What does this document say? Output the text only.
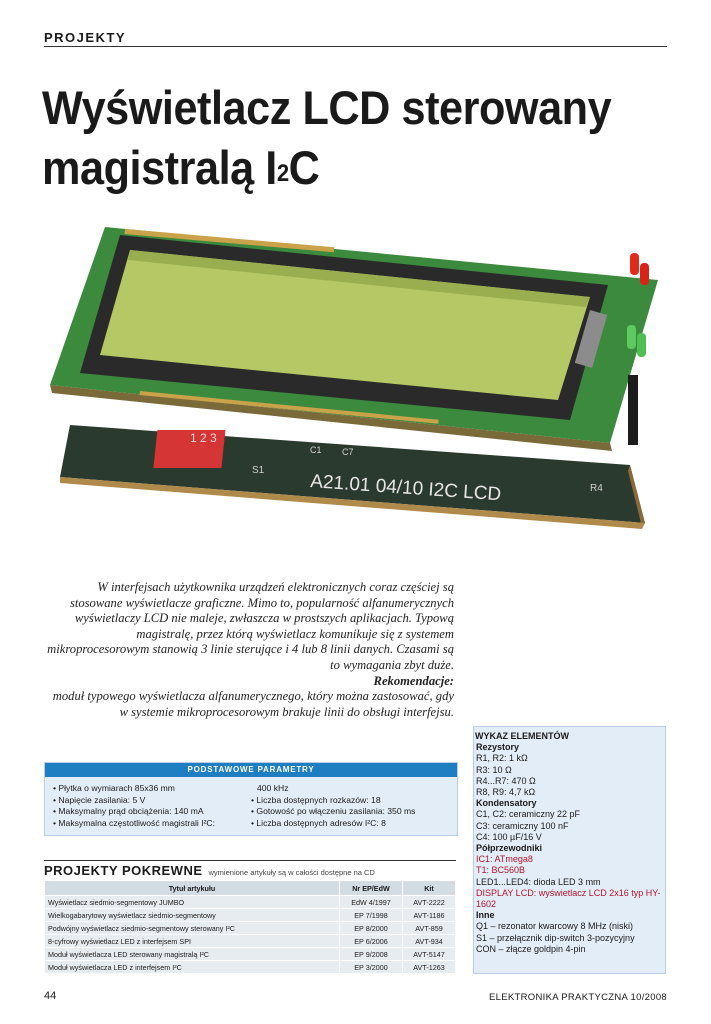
PROJEKTY
Wyświetlacz LCD sterowany
magistralą $I^2C$
1 2 3
A21.01 04/10 I2C LCD
S1
C1 C7
R4

W interfejsach użytkownika urządzeń elektronicznych coraz częściej są stosowane wyświetlacze graficzne. Mimo to, popularność alfanumerycznych wyświetlaczy LCD nie maleje, zwłaszcza w prostszych aplikacjach. Typową magistralę, przez którą wyświetlacz komunikuje się z systemem mikroprocesorowym stanowią 3 linie sterujące i 4 lub 8 linii danych. Czasami są to wymagania zbyt duże.

Rekomendacje:

moduł typowego wyświetlacza alfanumerycznego, który można zastosować, gdy w systemie mikroprocesorowym brakuje linii do obsługi interfejsu.

PODSTAWOWE PARAMETRY
• Płytka o wymiarach 85x36 mm
• Napięcie zasilania: 5 V
• Maksymalny prąd obciążenia: 140 mA
• Maksymalna częstotliwość magistrali I²C:
400 kHz
• Liczba dostępnych rozkazów: 18
• Gotowość po włączeniu zasilania: 350 ms
• Liczba dostępnych adresów I²C: 8
PROJEKTY POKREWNE wymienione artykuły są w całości dostępne na CD
Tytuł artykułu	Nr EP/EdW	Kit
Wyświetlacz siedmio-segmentowy JUMBO	EdW 4/1997	AVT-2222
Wielkogabarytowy wyświetlacz siedmio-segmentowy	EP 7/1998	AVT-1186
Podwójny wyświetlacz siedmio-segmentowy sterowany I²C	EP 8/2000	AVT-859
8-cyfrowy wyświetlacz LED z interfejsem SPI	EP 6/2006	AVT-934
Moduł wyświetlacza LED sterowany magistralą I²C	EP 9/2008	AVT-5147
Moduł wyświetlacza LED z interfejsem I²C	EP 3/2000	AVT-1263
WYKAZ ELEMENTÓW
Rezystory
R1, R2: 1 kΩ
R3: 10 Ω
R4...R7: 470 Ω
R8, R9: 4,7 kΩ
Kondensatory
C1, C2: ceramiczny 22 pF
C3: ceramiczny 100 nF
C4: 100 µF/16 V
Półprzewodniki
IC1: ATmega8
T1: BC560B
LED1...LED4: dioda LED 3 mm
DISPLAY LCD: wyświetlacz LCD 2x16 typ HY-1602
Inne
Q1 – rezonator kwarcowy 8 MHz (niski)
S1 – przełącznik dip-switch 3-pozycyjny
CON – złącze goldpin 4-pin
44	ELEKTRONIKA PRAKTYCZNA 10/2008
